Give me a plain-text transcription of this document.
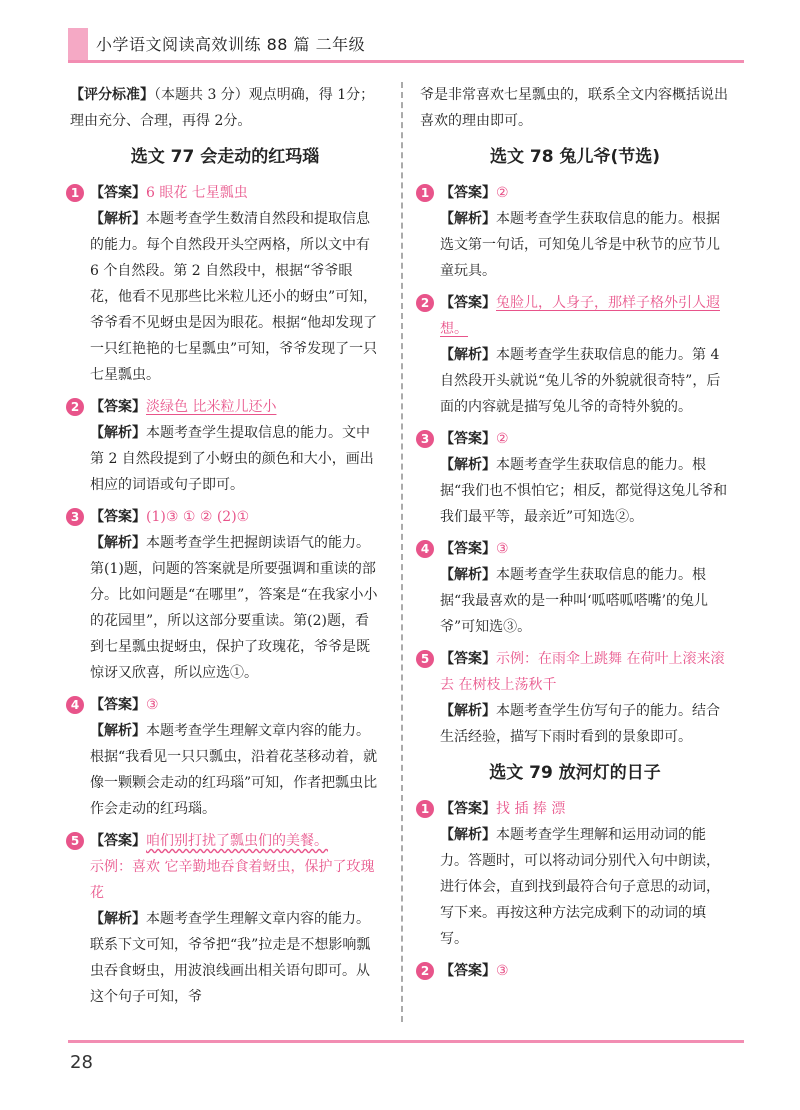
小学语文阅读高效训练 88 篇 二年级

【评分标准】（本题共 3 分）观点明确，得 1分；理由充分、合理，再得 2分。

选文 77 会走动的红玛瑙
1 【答案】6 眼花 七星瓢虫

【解析】本题考查学生数清自然段和提取信息的能力。每个自然段开头空两格，所以文中有 6 个自然段。第 2 自然段中，根据“爷爷眼花，他看不见那些比米粒儿还小的蚜虫”可知，爷爷看不见蚜虫是因为眼花。根据“他却发现了一只红艳艳的七星瓢虫”可知，爷爷发现了一只七星瓢虫。

2 【答案】淡绿色 比米粒儿还小

【解析】本题考查学生提取信息的能力。文中第 2 自然段提到了小蚜虫的颜色和大小，画出相应的词语或句子即可。

3 【答案】(1)③ ① ② (2)①

【解析】本题考查学生把握朗读语气的能力。第(1)题，问题的答案就是所要强调和重读的部分。比如问题是“在哪里”，答案是“在我家小小的花园里”，所以这部分要重读。第(2)题，看到七星瓢虫捉蚜虫，保护了玫瑰花，爷爷是既惊讶又欣喜，所以应选①。

4 【答案】③

【解析】本题考查学生理解文章内容的能力。根据“我看见一只只瓢虫，沿着花茎移动着，就像一颗颗会走动的红玛瑙”可知，作者把瓢虫比作会走动的红玛瑙。

5 【答案】咱们别打扰了瓢虫们的美餐。

示例：喜欢 它辛勤地吞食着蚜虫，保护了玫瑰花

【解析】本题考查学生理解文章内容的能力。联系下文可知，爷爷把“我”拉走是不想影响瓢虫吞食蚜虫，用波浪线画出相关语句即可。从这个句子可知，爷

爷是非常喜欢七星瓢虫的，联系全文内容概括说出喜欢的理由即可。

选文 78 兔儿爷(节选)
1 【答案】②

【解析】本题考查学生获取信息的能力。根据选文第一句话，可知兔儿爷是中秋节的应节儿童玩具。

2 【答案】兔脸儿，人身子，那样子格外引人遐想。

【解析】本题考查学生获取信息的能力。第 4 自然段开头就说“兔儿爷的外貌就很奇特”，后面的内容就是描写兔儿爷的奇特外貌的。

3 【答案】②

【解析】本题考查学生获取信息的能力。根据“我们也不惧怕它；相反，都觉得这兔儿爷和我们最平等，最亲近”可知选②。

4 【答案】③

【解析】本题考查学生获取信息的能力。根据“我最喜欢的是一种叫‘呱嗒呱嗒嘴’的兔儿爷”可知选③。

5 【答案】示例：在雨伞上跳舞 在荷叶上滚来滚去 在树枝上荡秋千

【解析】本题考查学生仿写句子的能力。结合生活经验，描写下雨时看到的景象即可。

选文 79 放河灯的日子
1 【答案】找 插 捧 漂

【解析】本题考查学生理解和运用动词的能力。答题时，可以将动词分别代入句中朗读，进行体会，直到找到最符合句子意思的动词，写下来。再按这种方法完成剩下的动词的填写。

2 【答案】③

28
